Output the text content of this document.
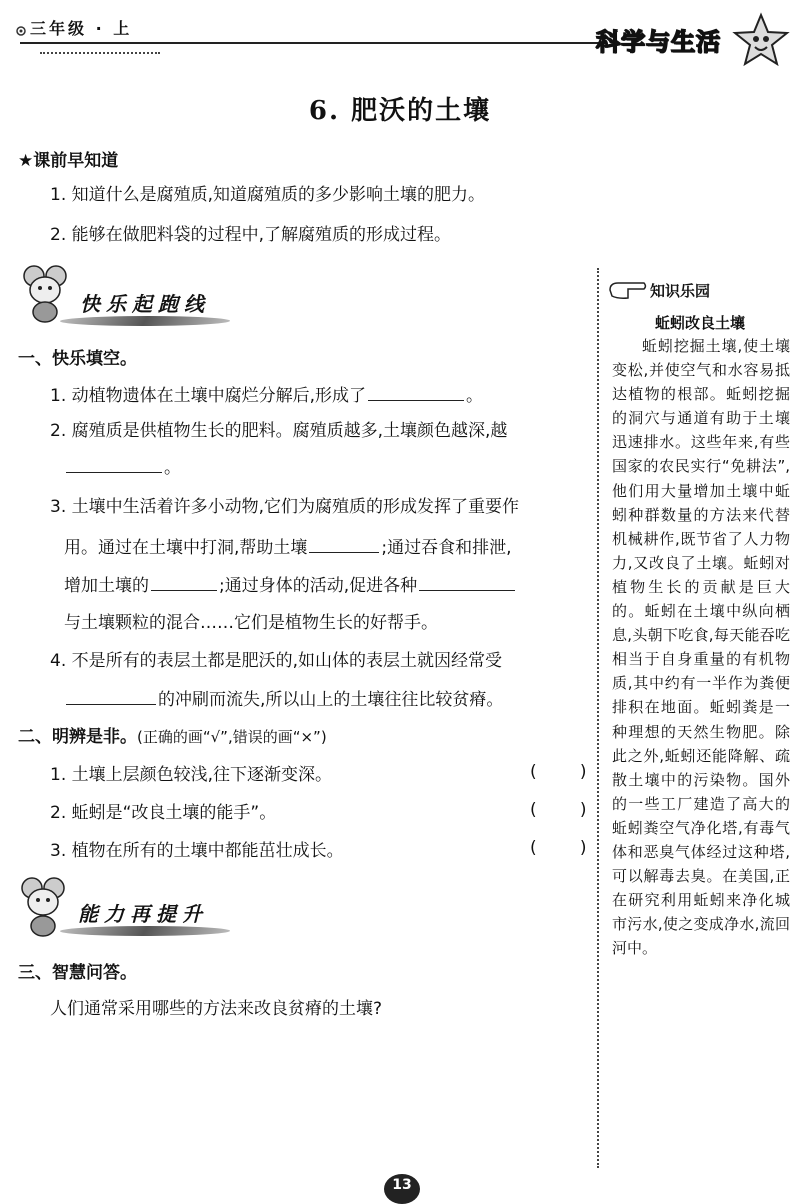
三年级 · 上	科学与生活
6. 肥沃的土壤
★课前早知道
1. 知道什么是腐殖质,知道腐殖质的多少影响土壤的肥力。
2. 能够在做肥料袋的过程中,了解腐殖质的形成过程。
快乐起跑线
一、快乐填空。
1. 动植物遗体在土壤中腐烂分解后,形成了	。
2. 腐殖质是供植物生长的肥料。腐殖质越多,土壤颜色越深,越
。
3. 土壤中生活着许多小动物,它们为腐殖质的形成发挥了重要作
用。通过在土壤中打洞,帮助土壤	;通过吞食和排泄,
增加土壤的	;通过身体的活动,促进各种
与土壤颗粒的混合……它们是植物生长的好帮手。
4. 不是所有的表层土都是肥沃的,如山体的表层土就因经常受
的冲刷而流失,所以山上的土壤往往比较贫瘠。
二、明辨是非。(正确的画“√”,错误的画“×”)
1. 土壤上层颜色较浅,往下逐渐变深。	(        )
2. 蚯蚓是“改良土壤的能手”。	(        )
3. 植物在所有的土壤中都能茁壮成长。	(        )
能力再提升
三、智慧问答。
人们通常采用哪些的方法来改良贫瘠的土壤?
知识乐园
蚯蚓改良土壤

蚯蚓挖掘土壤,使土壤变松,并使空气和水容易抵达植物的根部。蚯蚓挖掘的洞穴与通道有助于土壤迅速排水。这些年来,有些国家的农民实行“免耕法”,他们用大量增加土壤中蚯蚓种群数量的方法来代替机械耕作,既节省了人力物力,又改良了土壤。蚯蚓对植物生长的贡献是巨大的。蚯蚓在土壤中纵向栖息,头朝下吃食,每天能吞吃相当于自身重量的有机物质,其中约有一半作为粪便排积在地面。蚯蚓粪是一种理想的天然生物肥。除此之外,蚯蚓还能降解、疏散土壤中的污染物。国外的一些工厂建造了高大的蚯蚓粪空气净化塔,有毒气体和恶臭气体经过这种塔,可以解毒去臭。在美国,正在研究利用蚯蚓来净化城市污水,使之变成净水,流回河中。

13
